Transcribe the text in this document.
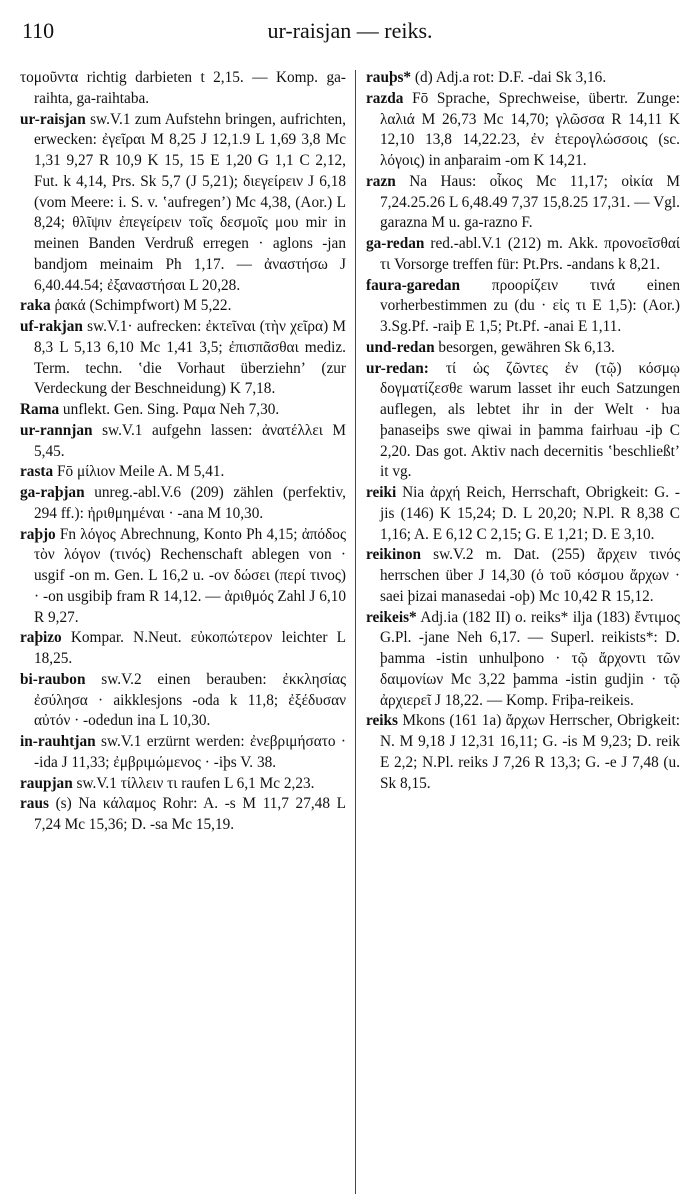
110	ur-raisjan — reiks.

τομοῦντα richtig darbieten t 2,15. — Komp. ga-raihta, ga-raihtaba.

ur-raisjan sw.V.1 zum Aufstehn bringen, aufrichten, erwecken: ἐγεῖραι M 8,25 J 12,1.9 L 1,69 3,8 Mc 1,31 9,27 R 10,9 K 15, 15 E 1,20 G 1,1 C 2,12, Fut. k 4,14, Prs. Sk 5,7 (J 5,21); διεγείρειν J 6,18 (vom Meere: i. S. v. ʽaufregenʼ) Mc 4,38, (Aor.) L 8,24; θλῖψιν ἐπεγείρειν τοῖς δεσμοῖς μου mir in meinen Banden Verdruß erregen · aglons -jan bandjom meinaim Ph 1,17. — ἀναστήσω J 6,40.44.54; ἐξαναστήσαι L 20,28.

raka ῥακά (Schimpfwort) M 5,22.

uf-rakjan sw.V.1· aufrecken: ἐκτεῖναι (τὴν χεῖρα) M 8,3 L 5,13 6,10 Mc 1,41 3,5; ἐπισπᾶσθαι mediz. Term. techn. ʽdie Vorhaut überziehnʼ (zur Verdeckung der Beschneidung) K 7,18.

Rama unflekt. Gen. Sing. Ραμα Neh 7,30.

ur-rannjan sw.V.1 aufgehn lassen: ἀνατέλλει M 5,45.

rasta Fō μίλιον Meile A. M 5,41.

ga-raþjan unreg.-abl.V.6 (209) zählen (perfektiv, 294 ff.): ἠριθμημέναι · -ana M 10,30.

raþjo Fn λόγος Abrechnung, Konto Ph 4,15; ἀπόδος τὸν λόγον (τινός) Rechenschaft ablegen von · usgif -on m. Gen. L 16,2 u. -ov δώσει (περί τινος) · -on usgibiþ fram R 14,12. — ἀριθμός Zahl J 6,10 R 9,27.

raþizo Kompar. N.Neut. εὐκοπώτερον leichter L 18,25.

bi-raubon sw.V.2 einen berauben: ἐκκλησίας ἐσύλησα · aikklesjons -oda k 11,8; ἐξέδυσαν αὐτόν · -odedun ina L 10,30.

in-rauhtjan sw.V.1 erzürnt werden: ἐνεβριμήσατο · -ida J 11,33; ἐμβριμώμενος · -iþs V. 38.

raupjan sw.V.1 τίλλειν τι raufen L 6,1 Mc 2,23.

raus (s) Na κάλαμος Rohr: A. -s M 11,7 27,48 L 7,24 Mc 15,36; D. -sa Mc 15,19.

rauþs* (d) Adj.a rot: D.F. -dai Sk 3,16.

razda Fō Sprache, Sprechweise, übertr. Zunge: λαλιά M 26,73 Mc 14,70; γλῶσσα R 14,11 K 12,10 13,8 14,22.23, ἐν ἑτερογλώσσοις (sc. λόγοις) in anþaraim -om K 14,21.

razn Na Haus: οἶκος Mc 11,17; οἰκία M 7,24.25.26 L 6,48.49 7,37 15,8.25 17,31. — Vgl. garazna M u. ga-razno F.

ga-redan red.-abl.V.1 (212) m. Akk. προνοεῖσθαί τι Vorsorge treffen für: Pt.Prs. -andans k 8,21.

faura-garedan προορίζειν τινά einen vorherbestimmen zu (du · εἰς τι E 1,5): (Aor.) 3.Sg.Pf. -raiþ E 1,5; Pt.Pf. -anai E 1,11.

und-redan besorgen, gewähren Sk 6,13.

ur-redan: τί ὡς ζῶντες ἐν (τῷ) κόσμῳ δογματίζεσθε warum lasset ihr euch Satzungen auflegen, als lebtet ihr in der Welt · ƕa þanaseiþs swe qiwai in þamma fairƕau -iþ C 2,20. Das got. Aktiv nach decernitis ʽbeschließtʼ it vg.

reiki Nia ἀρχή Reich, Herrschaft, Obrigkeit: G. -jis (146) K 15,24; D. L 20,20; N.Pl. R 8,38 C 1,16; A. E 6,12 C 2,15; G. E 1,21; D. E 3,10.

reikinon sw.V.2 m. Dat. (255) ἄρχειν τινός herrschen über J 14,30 (ὁ τοῦ κόσμου ἄρχων · saei þizai manasedai -oþ) Mc 10,42 R 15,12.

reikeis* Adj.ia (182 II) o. reiks* ilja (183) ἔντιμος G.Pl. -jane Neh 6,17. — Superl. reikists*: D. þamma -istin unhulþono · τῷ ἄρχοντι τῶν δαιμονίων Mc 3,22 þamma -istin gudjin · τῷ ἀρχιερεῖ J 18,22. — Komp. Friþa-reikeis.

reiks Mkons (161 1a) ἄρχων Herrscher, Obrigkeit: N. M 9,18 J 12,31 16,11; G. -is M 9,23; D. reik E 2,2; N.Pl. reiks J 7,26 R 13,3; G. -e J 7,48 (u. Sk 8,15.
